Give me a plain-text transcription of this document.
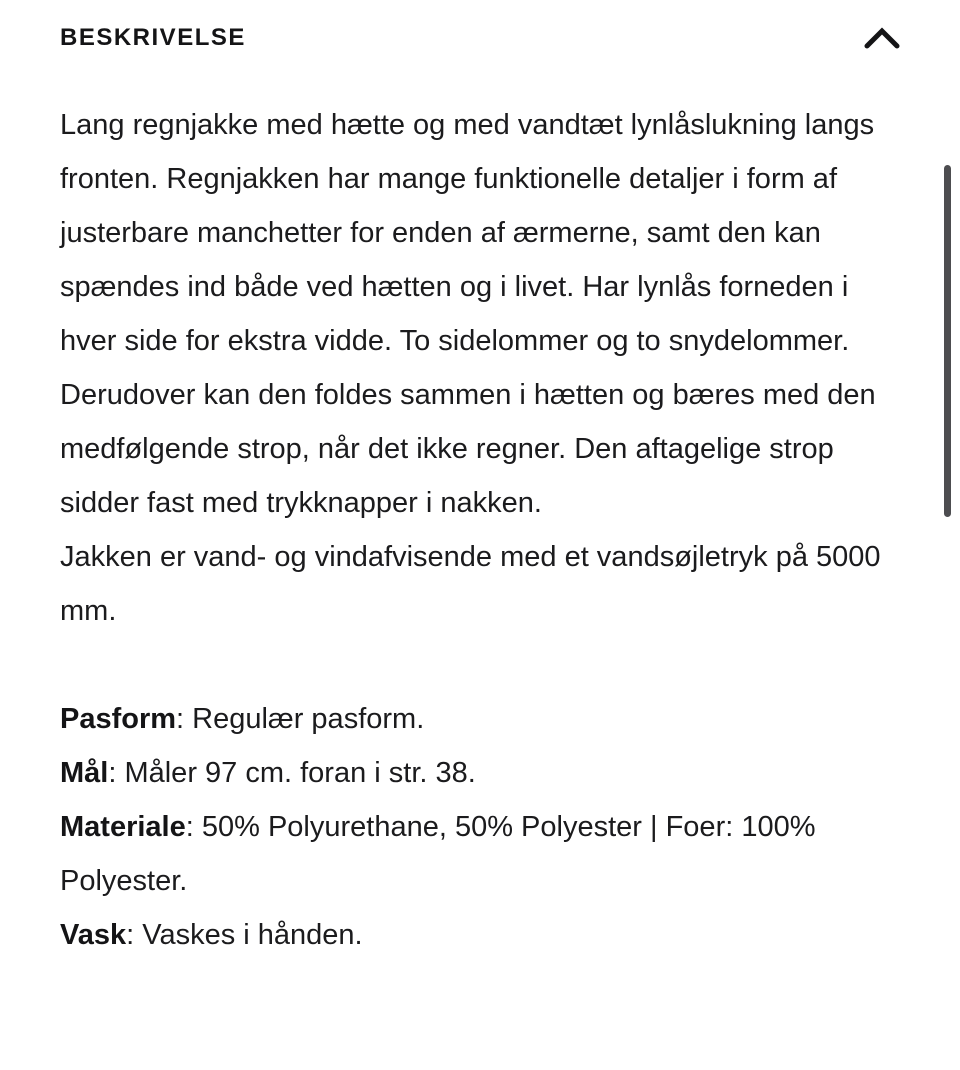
BESKRIVELSE

Lang regnjakke med hætte og med vandtæt lynlåslukning langs fronten. Regnjakken har mange funktionelle detaljer i form af justerbare manchetter for enden af ærmerne, samt den kan spændes ind både ved hætten og i livet. Har lynlås forneden i hver side for ekstra vidde. To sidelommer og to snydelommer.

Derudover kan den foldes sammen i hætten og bæres med den medfølgende strop, når det ikke regner. Den aftagelige strop sidder fast med trykknapper i nakken.

Jakken er vand- og vindafvisende med et vandsøjletryk på 5000 mm.

Pasform: Regulær pasform.

Mål: Måler 97 cm. foran i str. 38.

Materiale: 50% Polyurethane, 50% Polyester | Foer: 100% Polyester.

Vask: Vaskes i hånden.
